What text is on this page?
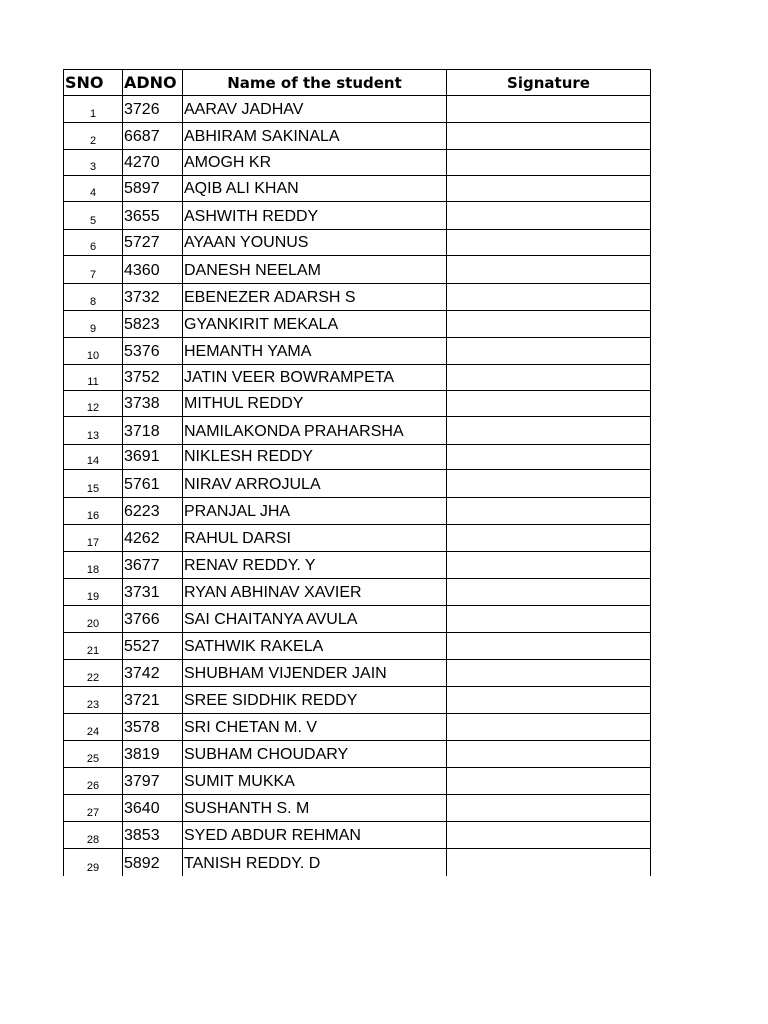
SNO	ADNO	Name of the student	Signature
1	3726	AARAV JADHAV	
2	6687	ABHIRAM SAKINALA	
3	4270	AMOGH KR	
4	5897	AQIB ALI KHAN	
5	3655	ASHWITH REDDY	
6	5727	AYAAN YOUNUS	
7	4360	DANESH NEELAM	
8	3732	EBENEZER ADARSH S	
9	5823	GYANKIRIT MEKALA	
10	5376	HEMANTH YAMA	
11	3752	JATIN VEER BOWRAMPETA	
12	3738	MITHUL REDDY	
13	3718	NAMILAKONDA PRAHARSHA	
14	3691	NIKLESH REDDY	
15	5761	NIRAV ARROJULA	
16	6223	PRANJAL JHA	
17	4262	RAHUL DARSI	
18	3677	RENAV REDDY. Y	
19	3731	RYAN ABHINAV XAVIER	
20	3766	SAI CHAITANYA AVULA	
21	5527	SATHWIK RAKELA	
22	3742	SHUBHAM VIJENDER JAIN	
23	3721	SREE SIDDHIK REDDY	
24	3578	SRI CHETAN M. V	
25	3819	SUBHAM CHOUDARY	
26	3797	SUMIT MUKKA	
27	3640	SUSHANTH S. M	
28	3853	SYED ABDUR REHMAN	
29	5892	TANISH REDDY. D	
